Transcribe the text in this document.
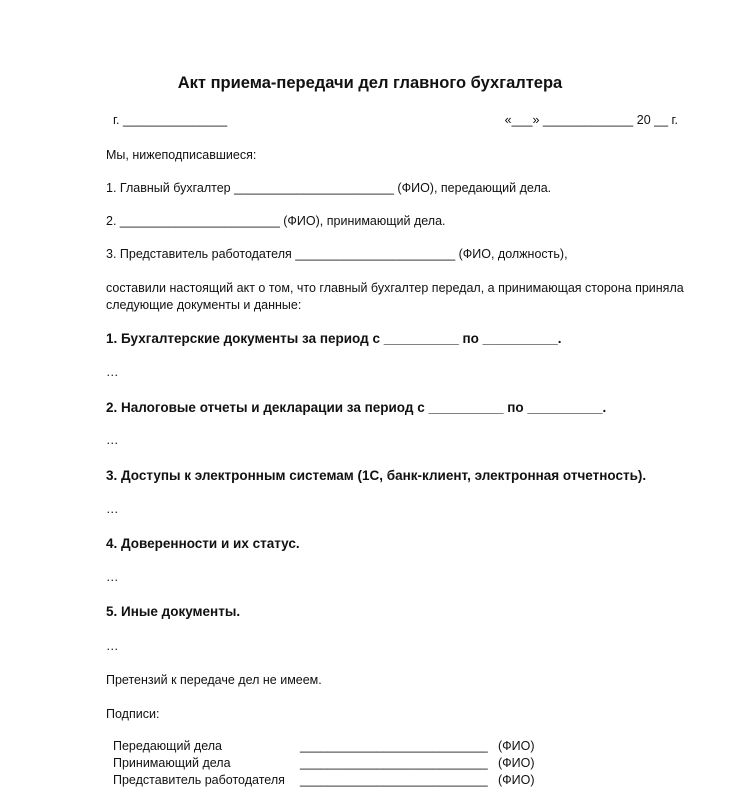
Акт приема-передачи дел главного бухгалтера
г. _______________	«___» _____________ 20 __ г.
Мы, нижеподписавшиеся:
1. Главный бухгалтер _______________________ (ФИО), передающий дела.
2. _______________________ (ФИО), принимающий дела.
3. Представитель работодателя _______________________ (ФИО, должность),
составили настоящий акт о том, что главный бухгалтер передал, а принимающая сторона приняла следующие документы и данные:
1. Бухгалтерские документы за период с __________ по __________.
…
2. Налоговые отчеты и декларации за период с __________ по __________.
…
3. Доступы к электронным системам (1С, банк-клиент, электронная отчетность).
…
4. Доверенности и их статус.
…
5. Иные документы.
…
Претензий к передаче дел не имеем.
Подписи:
Передающий дела	___________________________ (ФИО)
Принимающий дела	___________________________ (ФИО)
Представитель работодателя ___________________________ (ФИО)
